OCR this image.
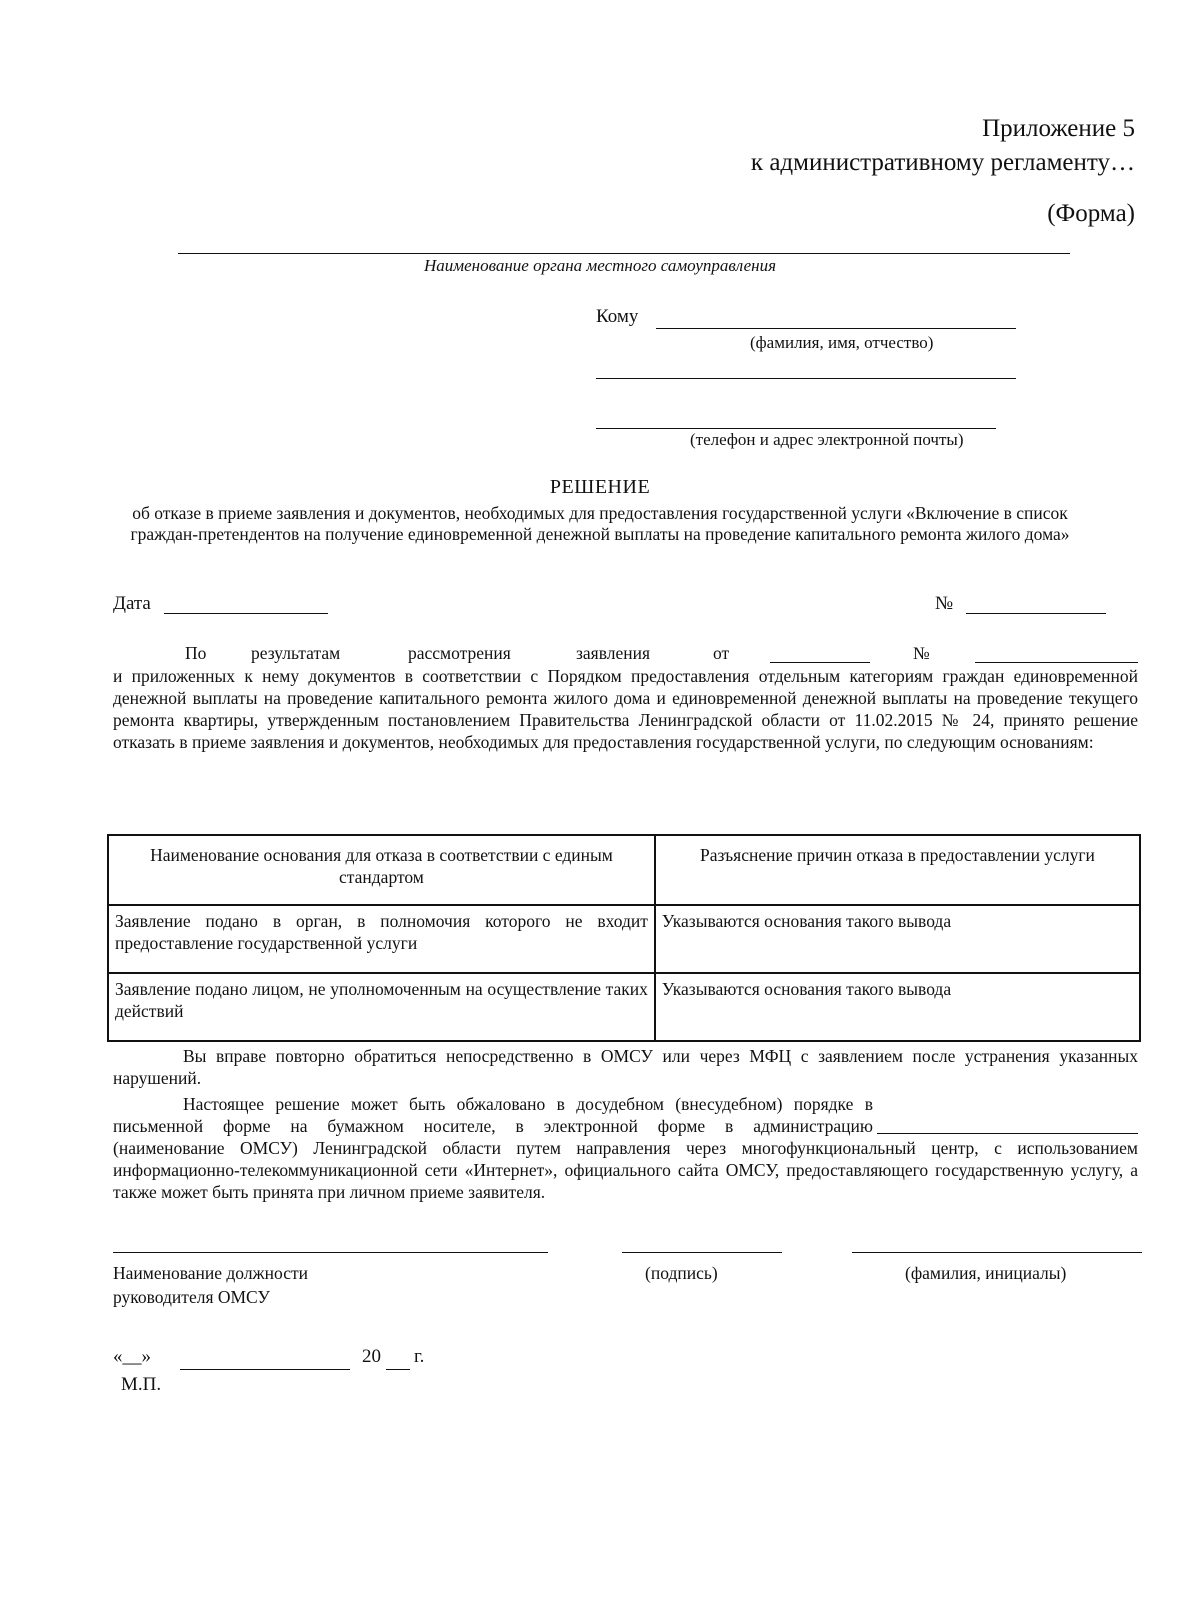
Приложение 5
к административному регламенту…
(Форма)
Наименование органа местного самоуправления
Кому
(фамилия, имя, отчество)
(телефон и адрес электронной почты)
РЕШЕНИЕ
об отказе в приеме заявления и документов, необходимых для предоставления государственной услуги «Включение в список граждан-претендентов на получение единовременной денежной выплаты на проведение капитального ремонта жилого дома»
Дата	№
По	результатам	рассмотрения	заявления	от	№
и приложенных к нему документов в соответствии с Порядком предоставления отдельным категориям граждан единовременной денежной выплаты на проведение капитального ремонта жилого дома и единовременной денежной выплаты на проведение текущего ремонта квартиры, утвержденным постановлением Правительства Ленинградской области от 11.02.2015 № 24, принято решение отказать в приеме заявления и документов, необходимых для предоставления государственной услуги, по следующим основаниям:
Наименование основания для отказа в соответствии с единым стандартом	Разъяснение причин отказа в предоставлении услуги
Заявление подано в орган, в полномочия которого не входит предоставление государственной услуги	Указываются основания такого вывода
Заявление подано лицом, не уполномоченным на осуществление таких действий	Указываются основания такого вывода
Вы вправе повторно обратиться непосредственно в ОМСУ или через МФЦ с заявлением после устранения указанных нарушений.
Настоящее решение может быть обжаловано в досудебном (внесудебном) порядке в письменной форме на бумажном носителе, в электронной форме в администрацию
(наименование ОМСУ) Ленинградской области путем направления через многофункциональный центр, с использованием информационно-телекоммуникационной сети «Интернет», официального сайта ОМСУ, предоставляющего государственную услугу, а также может быть принята при личном приеме заявителя.
Наименование должности
руководителя ОМСУ
(подпись)	(фамилия, инициалы)
«__»	20 г.
М.П.
